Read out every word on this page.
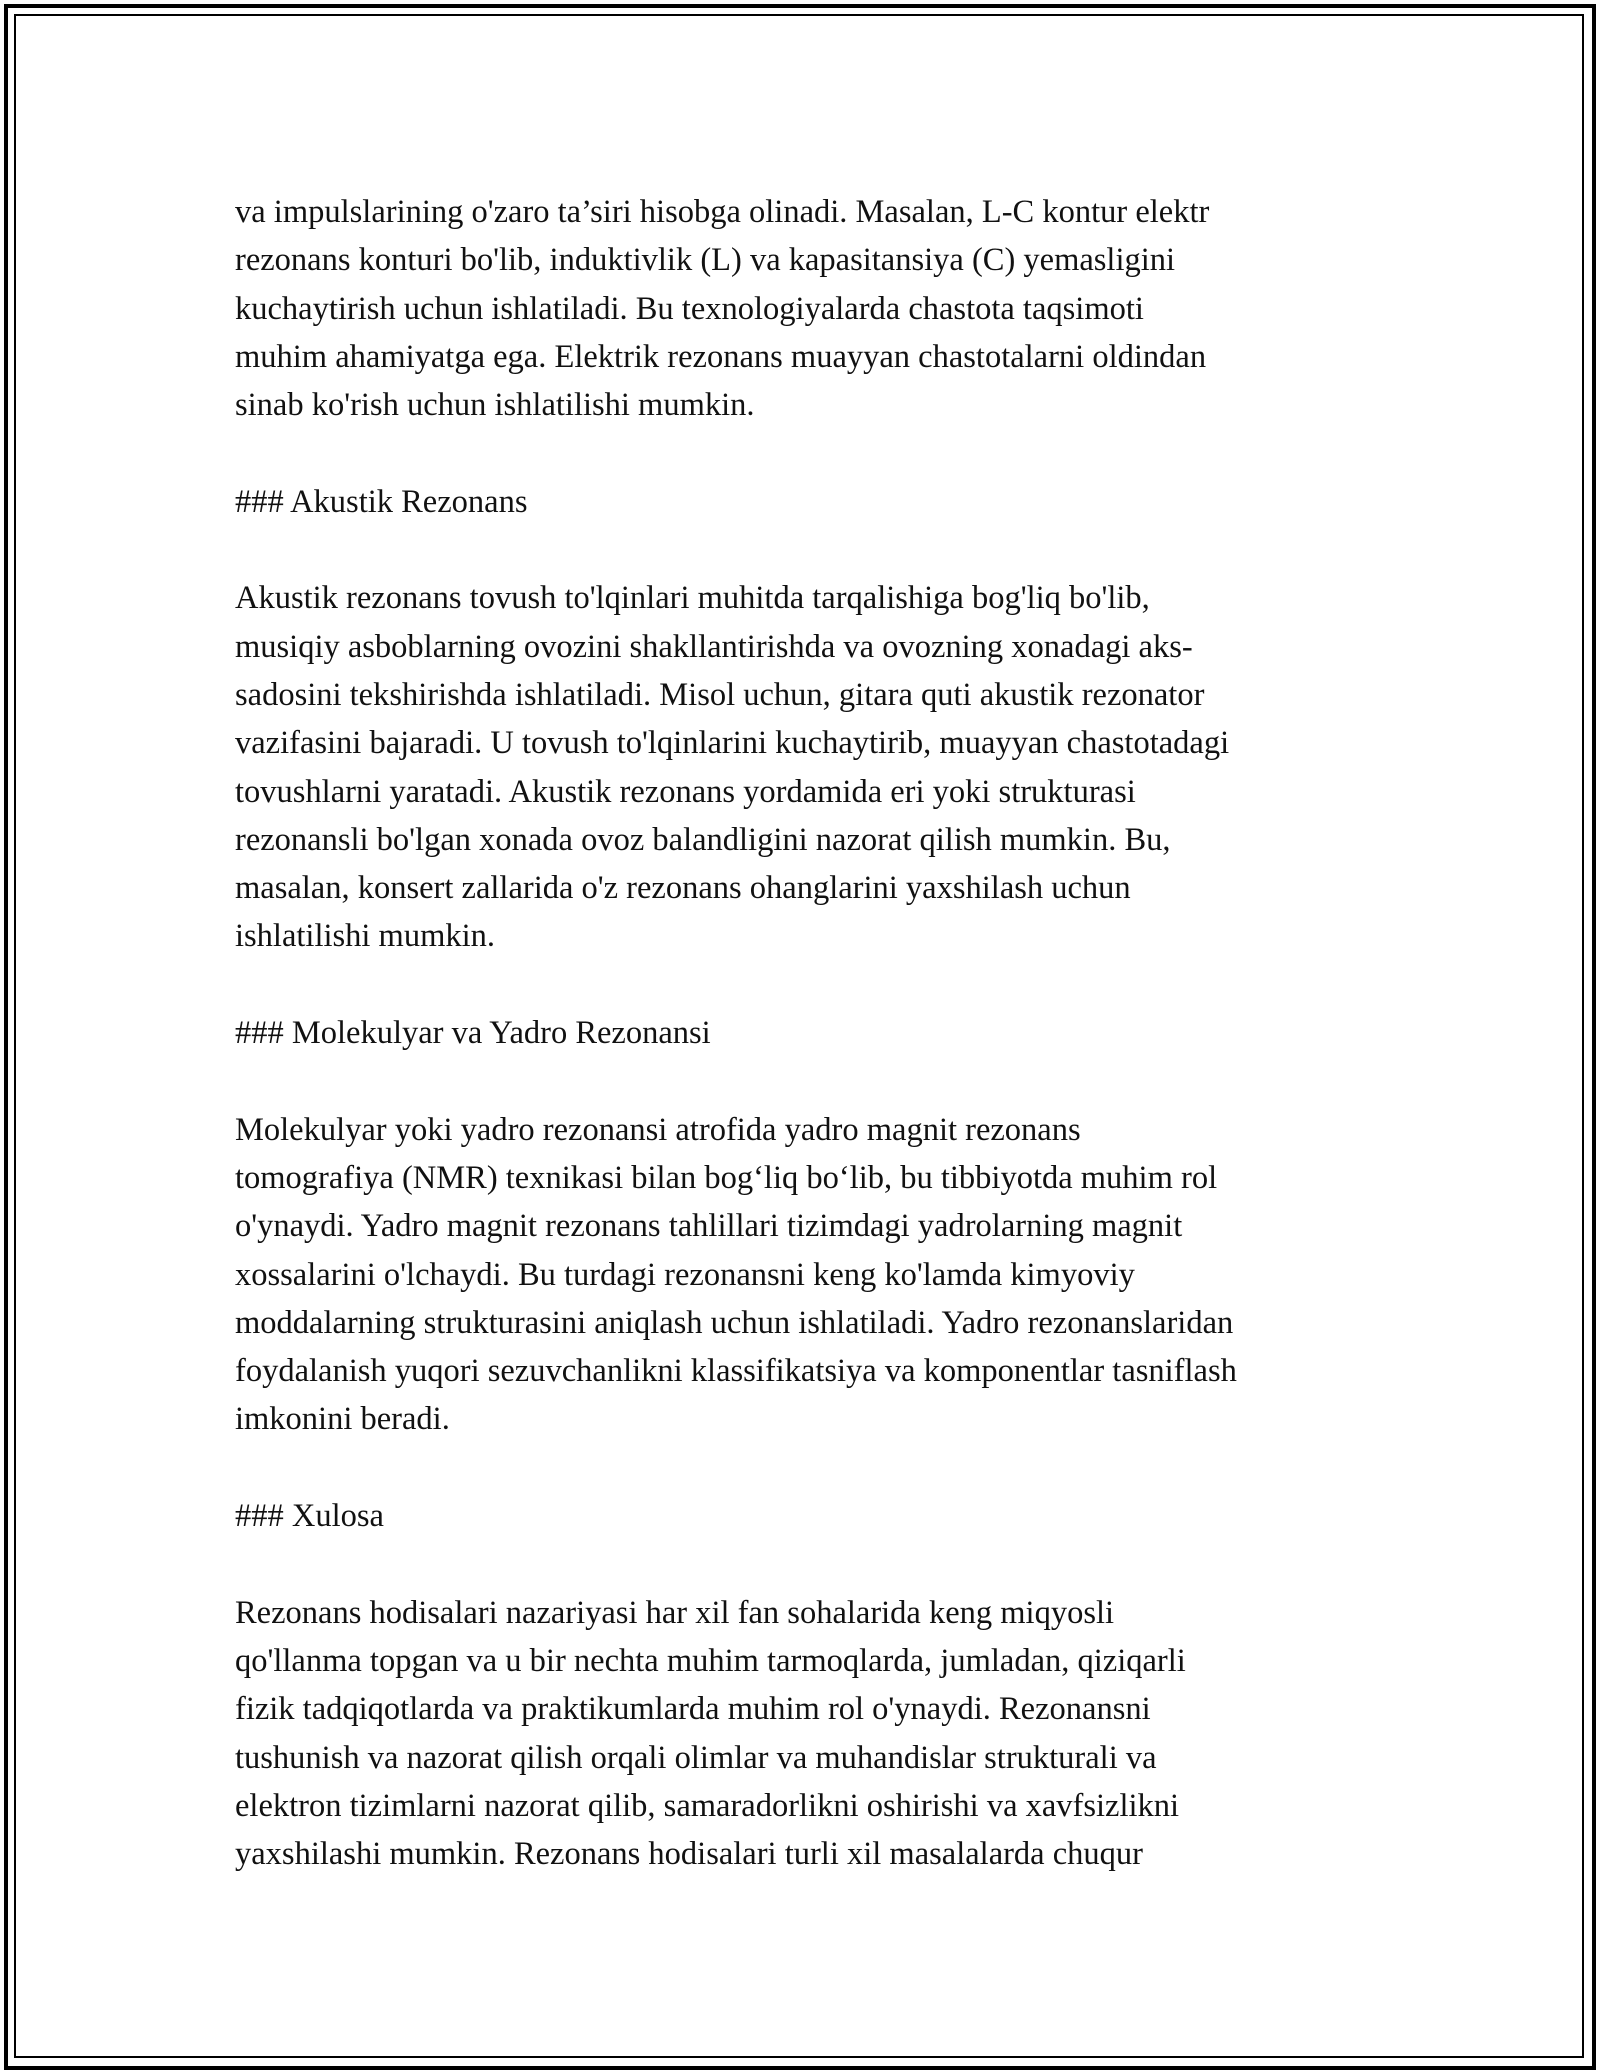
va impulslarining o'zaro ta’siri hisobga olinadi. Masalan, L-C kontur elektr
rezonans konturi bo'lib, induktivlik (L) va kapasitansiya (C) yemasligini
kuchaytirish uchun ishlatiladi. Bu texnologiyalarda chastota taqsimoti
muhim ahamiyatga ega. Elektrik rezonans muayyan chastotalarni oldindan
sinab ko'rish uchun ishlatilishi mumkin.

### Akustik Rezonans

Akustik rezonans tovush to'lqinlari muhitda tarqalishiga bog'liq bo'lib,
musiqiy asboblarning ovozini shakllantirishda va ovozning xonadagi aks-
sadosini tekshirishda ishlatiladi. Misol uchun, gitara quti akustik rezonator
vazifasini bajaradi. U tovush to'lqinlarini kuchaytirib, muayyan chastotadagi
tovushlarni yaratadi. Akustik rezonans yordamida eri yoki strukturasi
rezonansli bo'lgan xonada ovoz balandligini nazorat qilish mumkin. Bu,
masalan, konsert zallarida o'z rezonans ohanglarini yaxshilash uchun
ishlatilishi mumkin.

### Molekulyar va Yadro Rezonansi

Molekulyar yoki yadro rezonansi atrofida yadro magnit rezonans
tomografiya (NMR) texnikasi bilan bog‘liq bo‘lib, bu tibbiyotda muhim rol
o'ynaydi. Yadro magnit rezonans tahlillari tizimdagi yadrolarning magnit
xossalarini o'lchaydi. Bu turdagi rezonansni keng ko'lamda kimyoviy
moddalarning strukturasini aniqlash uchun ishlatiladi. Yadro rezonanslaridan
foydalanish yuqori sezuvchanlikni klassifikatsiya va komponentlar tasniflash
imkonini beradi.

### Xulosa

Rezonans hodisalari nazariyasi har xil fan sohalarida keng miqyosli
qo'llanma topgan va u bir nechta muhim tarmoqlarda, jumladan, qiziqarli
fizik tadqiqotlarda va praktikumlarda muhim rol o'ynaydi. Rezonansni
tushunish va nazorat qilish orqali olimlar va muhandislar strukturali va
elektron tizimlarni nazorat qilib, samaradorlikni oshirishi va xavfsizlikni
yaxshilashi mumkin. Rezonans hodisalari turli xil masalalarda chuqur
